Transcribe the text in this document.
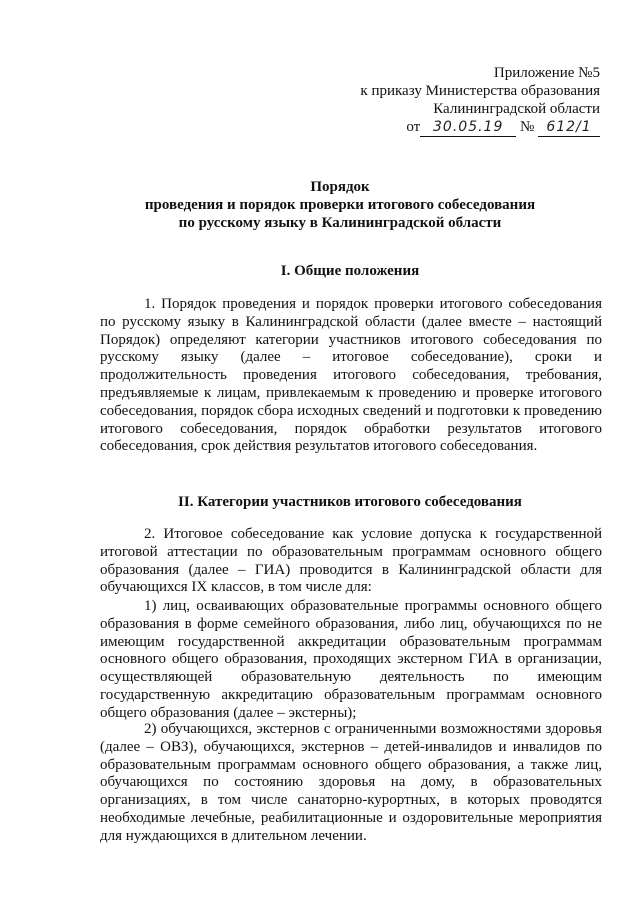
Приложение №5
к приказу Министерства образования
Калининградской области
от 30.05.19 № 612/1
Порядок
проведения и порядок проверки итогового собеседования
по русскому языку в Калининградской области
I. Общие положения
1. Порядок проведения и порядок проверки итогового собеседования по русскому языку в Калининградской области (далее вместе – настоящий Порядок) определяют категории участников итогового собеседования по русскому языку (далее – итоговое собеседование), сроки и продолжительность проведения итогового собеседования, требования, предъявляемые к лицам, привлекаемым к проведению и проверке итогового собеседования, порядок сбора исходных сведений и подготовки к проведению итогового собеседования, порядок обработки результатов итогового собеседования, срок действия результатов итогового собеседования.
II. Категории участников итогового собеседования
2. Итоговое собеседование как условие допуска к государственной итоговой аттестации по образовательным программам основного общего образования (далее – ГИА) проводится в Калининградской области для обучающихся IX классов, в том числе для:
1) лиц, осваивающих образовательные программы основного общего образования в форме семейного образования, либо лиц, обучающихся по не имеющим государственной аккредитации образовательным программам основного общего образования, проходящих экстерном ГИА в организации, осуществляющей образовательную деятельность по имеющим государственную аккредитацию образовательным программам основного общего образования (далее – экстерны);
2) обучающихся, экстернов с ограниченными возможностями здоровья (далее – ОВЗ), обучающихся, экстернов – детей-инвалидов и инвалидов по образовательным программам основного общего образования, а также лиц, обучающихся по состоянию здоровья на дому, в образовательных организациях, в том числе санаторно-курортных, в которых проводятся необходимые лечебные, реабилитационные и оздоровительные мероприятия для нуждающихся в длительном лечении.
